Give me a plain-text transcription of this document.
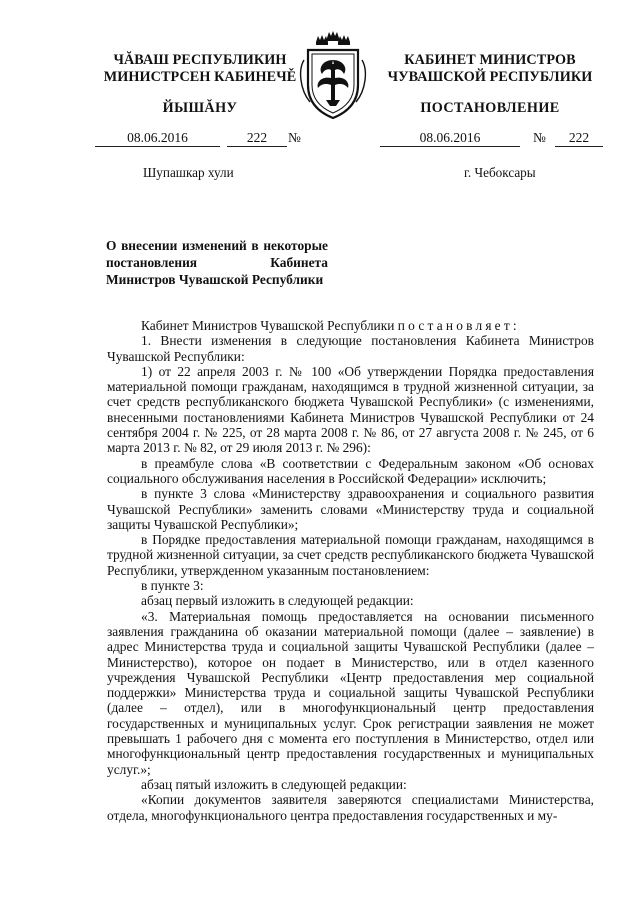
ЧĂВАШ РЕСПУБЛИКИН
МИНИСТРСЕН КАБИНЕЧĚ
ЙЫШĂНУ
КАБИНЕТ МИНИСТРОВ
ЧУВАШСКОЙ РЕСПУБЛИКИ
ПОСТАНОВЛЕНИЕ
08.06.2016	222	№	08.06.2016	№	222
Шупашкар хули	г. Чебоксары
О внесении изменений в некоторые постановления Кабинета Министров Чувашской Республики

Кабинет Министров Чувашской Республики постановляет:

1. Внести изменения в следующие постановления Кабинета Министров Чувашской Республики:

1) от 22 апреля 2003 г. № 100 «Об утверждении Порядка предоставления материальной помощи гражданам, находящимся в трудной жизненной ситуации, за счет средств республиканского бюджета Чувашской Республики» (с изменениями, внесенными постановлениями Кабинета Министров Чувашской Республики от 24 сентября 2004 г. № 225, от 28 марта 2008 г. № 86, от 27 августа 2008 г. № 245, от 6 марта 2013 г. № 82, от 29 июля 2013 г. № 296):

в преамбуле слова «В соответствии с Федеральным законом «Об основах социального обслуживания населения в Российской Федерации» исключить;

в пункте 3 слова «Министерству здравоохранения и социального развития Чувашской Республики» заменить словами «Министерству труда и социальной защиты Чувашской Республики»;

в Порядке предоставления материальной помощи гражданам, находящимся в трудной жизненной ситуации, за счет средств республиканского бюджета Чувашской Республики, утвержденном указанным постановлением:

в пункте 3:

абзац первый изложить в следующей редакции:

«3. Материальная помощь предоставляется на основании письменного заявления гражданина об оказании материальной помощи (далее – заявление) в адрес Министерства труда и социальной защиты Чувашской Республики (далее – Министерство), которое он подает в Министерство, или в отдел казенного учреждения Чувашской Республики «Центр предоставления мер социальной поддержки» Министерства труда и социальной защиты Чувашской Республики (далее – отдел), или в многофункциональный центр предоставления государственных и муниципальных услуг. Срок регистрации заявления не может превышать 1 рабочего дня с момента его поступления в Министерство, отдел или многофункциональный центр предоставления государственных и муниципальных услуг.»;

абзац пятый изложить в следующей редакции:

«Копии документов заявителя заверяются специалистами Министерства, отдела, многофункционального центра предоставления государственных и му-
